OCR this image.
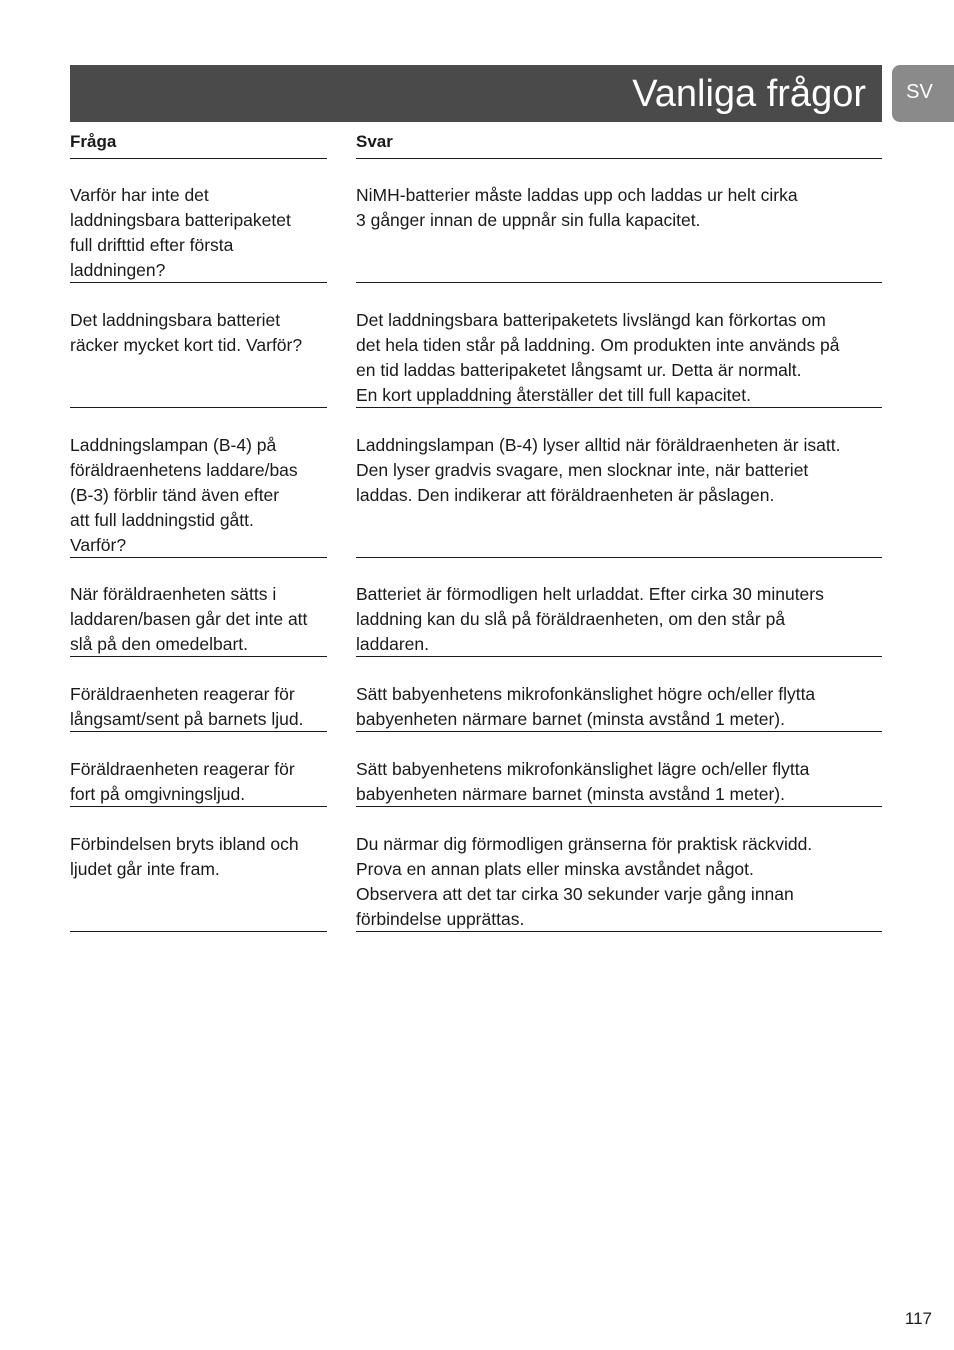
Vanliga frågor	SV
Fråga	Svar
Varför har inte det
laddningsbara batteripaketet
full drifttid efter första
laddningen?
NiMH-batterier måste laddas upp och laddas ur helt cirka
3 gånger innan de uppnår sin fulla kapacitet.
Det laddningsbara batteriet
räcker mycket kort tid. Varför?
Det laddningsbara batteripaketets livslängd kan förkortas om
det hela tiden står på laddning. Om produkten inte används på
en tid laddas batteripaketet långsamt ur. Detta är normalt.
En kort uppladdning återställer det till full kapacitet.
Laddningslampan (B-4) på
föräldraenhetens laddare/bas
(B-3) förblir tänd även efter
att full laddningstid gått.
Varför?
Laddningslampan (B-4) lyser alltid när föräldraenheten är isatt.
Den lyser gradvis svagare, men slocknar inte, när batteriet
laddas. Den indikerar att föräldraenheten är påslagen.
När föräldraenheten sätts i
laddaren/basen går det inte att
slå på den omedelbart.
Batteriet är förmodligen helt urladdat. Efter cirka 30 minuters
laddning kan du slå på föräldraenheten, om den står på
laddaren.
Föräldraenheten reagerar för
långsamt/sent på barnets ljud.
Sätt babyenhetens mikrofonkänslighet högre och/eller flytta
babyenheten närmare barnet (minsta avstånd 1 meter).
Föräldraenheten reagerar för
fort på omgivningsljud.
Sätt babyenhetens mikrofonkänslighet lägre och/eller flytta
babyenheten närmare barnet (minsta avstånd 1 meter).
Förbindelsen bryts ibland och
ljudet går inte fram.
Du närmar dig förmodligen gränserna för praktisk räckvidd.
Prova en annan plats eller minska avståndet något.
Observera att det tar cirka 30 sekunder varje gång innan
förbindelse upprättas.
117
